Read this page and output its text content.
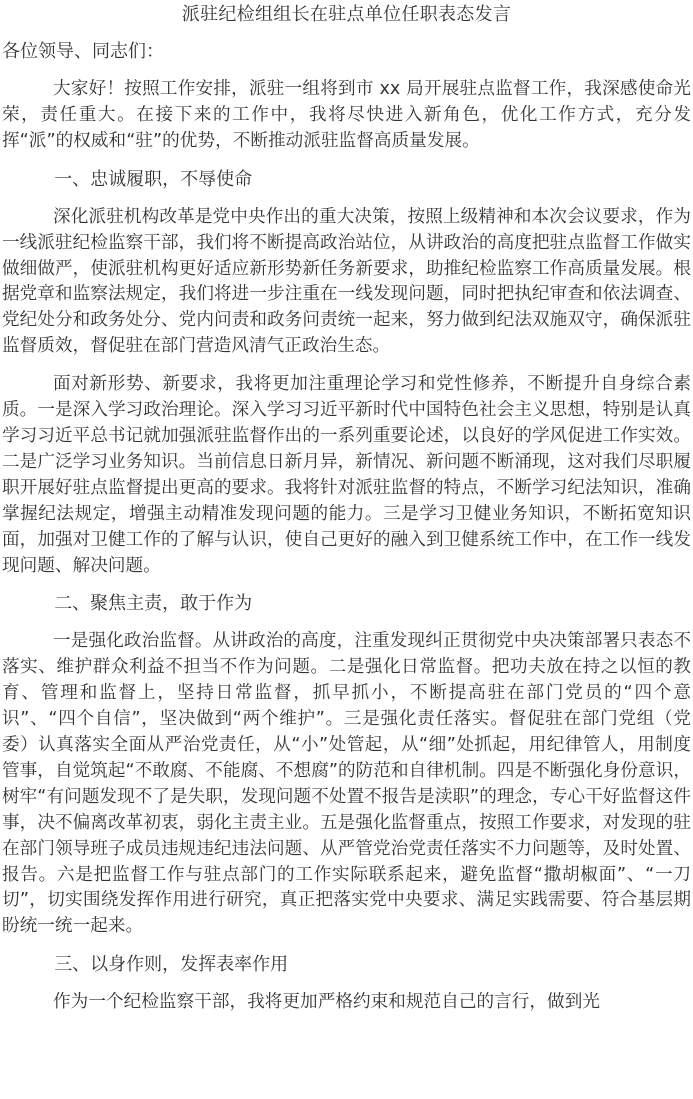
派驻纪检组组长在驻点单位任职表态发言
各位领导、同志们：

大家好！按照工作安排，派驻一组将到市 xx 局开展驻点监督工作，我深感使命光荣，责任重大。在接下来的工作中，我将尽快进入新角色，优化工作方式，充分发挥“派”的权威和“驻”的优势，不断推动派驻监督高质量发展。

一、忠诚履职，不辱使命

深化派驻机构改革是党中央作出的重大决策，按照上级精神和本次会议要求，作为一线派驻纪检监察干部，我们将不断提高政治站位，从讲政治的高度把驻点监督工作做实做细做严，使派驻机构更好适应新形势新任务新要求，助推纪检监察工作高质量发展。根据党章和监察法规定，我们将进一步注重在一线发现问题，同时把执纪审查和依法调查、党纪处分和政务处分、党内问责和政务问责统一起来，努力做到纪法双施双守，确保派驻监督质效，督促驻在部门营造风清气正政治生态。

面对新形势、新要求，我将更加注重理论学习和党性修养，不断提升自身综合素质。一是深入学习政治理论。深入学习习近平新时代中国特色社会主义思想，特别是认真学习习近平总书记就加强派驻监督作出的一系列重要论述，以良好的学风促进工作实效。二是广泛学习业务知识。当前信息日新月异，新情况、新问题不断涌现，这对我们尽职履职开展好驻点监督提出更高的要求。我将针对派驻监督的特点，不断学习纪法知识，准确掌握纪法规定，增强主动精准发现问题的能力。三是学习卫健业务知识，不断拓宽知识面，加强对卫健工作的了解与认识，使自己更好的融入到卫健系统工作中，在工作一线发现问题、解决问题。

二、聚焦主责，敢于作为

一是强化政治监督。从讲政治的高度，注重发现纠正贯彻党中央决策部署只表态不落实、维护群众利益不担当不作为问题。二是强化日常监督。把功夫放在持之以恒的教育、管理和监督上，坚持日常监督，抓早抓小，不断提高驻在部门党员的“四个意识”、“四个自信”，坚决做到“两个维护”。三是强化责任落实。督促驻在部门党组（党委）认真落实全面从严治党责任，从“小”处管起，从“细”处抓起，用纪律管人，用制度管事，自觉筑起“不敢腐、不能腐、不想腐”的防范和自律机制。四是不断强化身份意识，树牢“有问题发现不了是失职，发现问题不处置不报告是渎职”的理念，专心干好监督这件事，决不偏离改革初衷，弱化主责主业。五是强化监督重点，按照工作要求，对发现的驻在部门领导班子成员违规违纪违法问题、从严管党治党责任落实不力问题等，及时处置、报告。六是把监督工作与驻点部门的工作实际联系起来，避免监督“撒胡椒面”、“一刀切”，切实围绕发挥作用进行研究，真正把落实党中央要求、满足实践需要、符合基层期盼统一统一起来。

三、以身作则，发挥表率作用

作为一个纪检监察干部，我将更加严格约束和规范自己的言行，做到光
